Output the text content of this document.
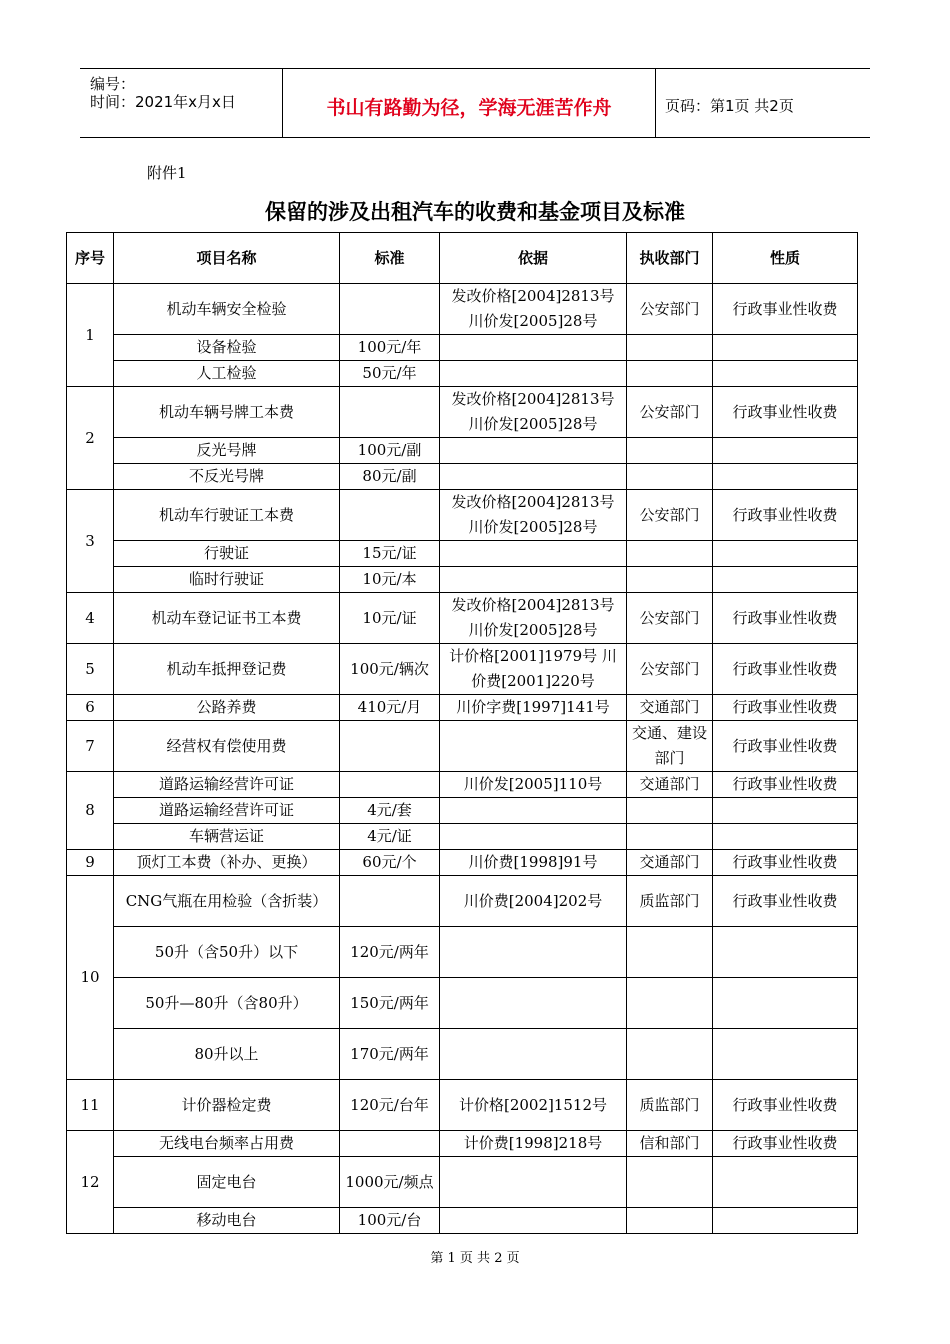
编号：
时间：2021年x月x日	书山有路勤为径，学海无涯苦作舟	页码：第1页 共2页
附件1
保留的涉及出租汽车的收费和基金项目及标准
序号	项目名称	标准	依据	执收部门	性质
1	机动车辆安全检验		发改价格[2004]2813号 川价发[2005]28号	公安部门	行政事业性收费
	设备检验	100元/年			
	人工检验	50元/年			
2	机动车辆号牌工本费		发改价格[2004]2813号 川价发[2005]28号	公安部门	行政事业性收费
	反光号牌	100元/副			
	不反光号牌	80元/副			
3	机动车行驶证工本费		发改价格[2004]2813号 川价发[2005]28号	公安部门	行政事业性收费
	行驶证	15元/证			
	临时行驶证	10元/本			
4	机动车登记证书工本费	10元/证	发改价格[2004]2813号 川价发[2005]28号	公安部门	行政事业性收费
5	机动车抵押登记费	100元/辆次	计价格[2001]1979号 川价费[2001]220号	公安部门	行政事业性收费
6	公路养费	410元/月	川价字费[1997]141号	交通部门	行政事业性收费
7	经营权有偿使用费			交通、建设部门	行政事业性收费
8	道路运输经营许可证		川价发[2005]110号	交通部门	行政事业性收费
	道路运输经营许可证	4元/套			
	车辆营运证	4元/证			
9	顶灯工本费（补办、更换）	60元/个	川价费[1998]91号	交通部门	行政事业性收费
10	CNG气瓶在用检验（含折装）		川价费[2004]202号	质监部门	行政事业性收费
	50升（含50升）以下	120元/两年			
	50升—80升（含80升）	150元/两年			
	80升以上	170元/两年			
11	计价器检定费	120元/台年	计价格[2002]1512号	质监部门	行政事业性收费
12	无线电台频率占用费		计价费[1998]218号	信和部门	行政事业性收费
	固定电台	1000元/频点			
	移动电台	100元/台			
第 1 页 共 2 页
